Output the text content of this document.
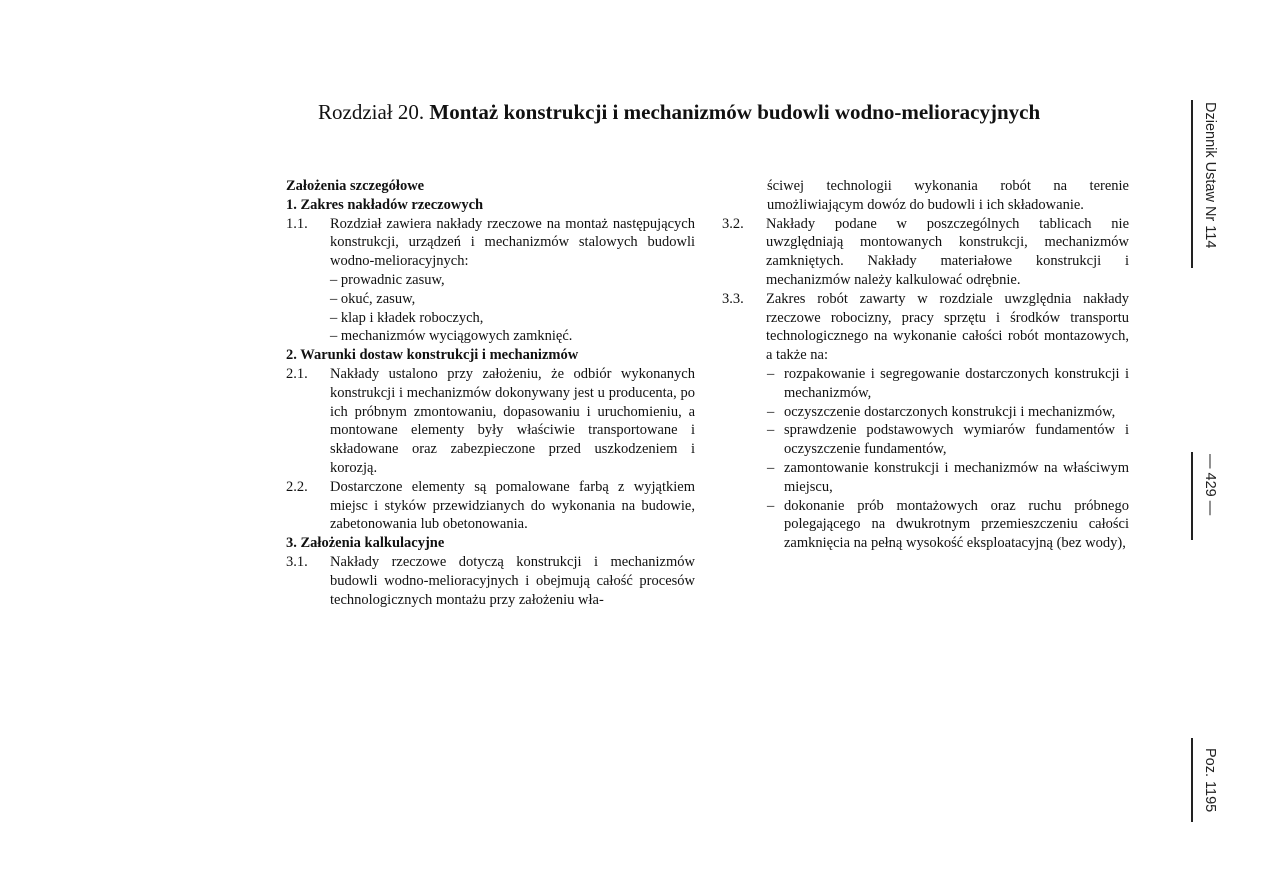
Rozdział 20. Montaż konstrukcji i mechanizmów budowli wodno-melioracyjnych
Założenia szczegółowe
1. Zakres nakładów rzeczowych
1.1. Rozdział zawiera nakłady rzeczowe na montaż następujących konstrukcji, urządzeń i mechanizmów stalowych budowli wodno-melioracyjnych:
– prowadnic zasuw,
– okuć, zasuw,
– klap i kładek roboczych,
– mechanizmów wyciągowych zamknięć.
2. Warunki dostaw konstrukcji i mechanizmów
2.1. Nakłady ustalono przy założeniu, że odbiór wykonanych konstrukcji i mechanizmów dokonywany jest u producenta, po ich próbnym zmontowaniu, dopasowaniu i uruchomieniu, a montowane elementy były właściwie transportowane i składowane oraz zabezpieczone przed uszkodzeniem i korozją.
2.2. Dostarczone elementy są pomalowane farbą z wyjątkiem miejsc i styków przewidzianych do wykonania na budowie, zabetonowania lub obetonowania.
3. Założenia kalkulacyjne
3.1. Nakłady rzeczowe dotyczą konstrukcji i mechanizmów budowli wodno-melioracyjnych i obejmują całość procesów technologicznych montażu przy założeniu wła-
ściwej technologii wykonania robót na terenie umożliwiającym dowóz do budowli i ich składowanie.
3.2. Nakłady podane w poszczególnych tablicach nie uwzględniają montowanych konstrukcji, mechanizmów zamkniętych. Nakłady materiałowe konstrukcji i mechanizmów należy kalkulować odrębnie.
3.3. Zakres robót zawarty w rozdziale uwzględnia nakłady rzeczowe robocizny, pracy sprzętu i środków transportu technologicznego na wykonanie całości robót montazowych, a także na:
– rozpakowanie i segregowanie dostarczonych konstrukcji i mechanizmów,
– oczyszczenie dostarczonych konstrukcji i mechanizmów,
– sprawdzenie podstawowych wymiarów fundamentów i oczyszczenie fundamentów,
– zamontowanie konstrukcji i mechanizmów na właściwym miejscu,
– dokonanie prób montażowych oraz ruchu próbnego polegającego na dwukrotnym przemieszczeniu całości zamknięcia na pełną wysokość eksploatacyjną (bez wody),
Dziennik Ustaw Nr 114
— 429 —
Poz. 1195
